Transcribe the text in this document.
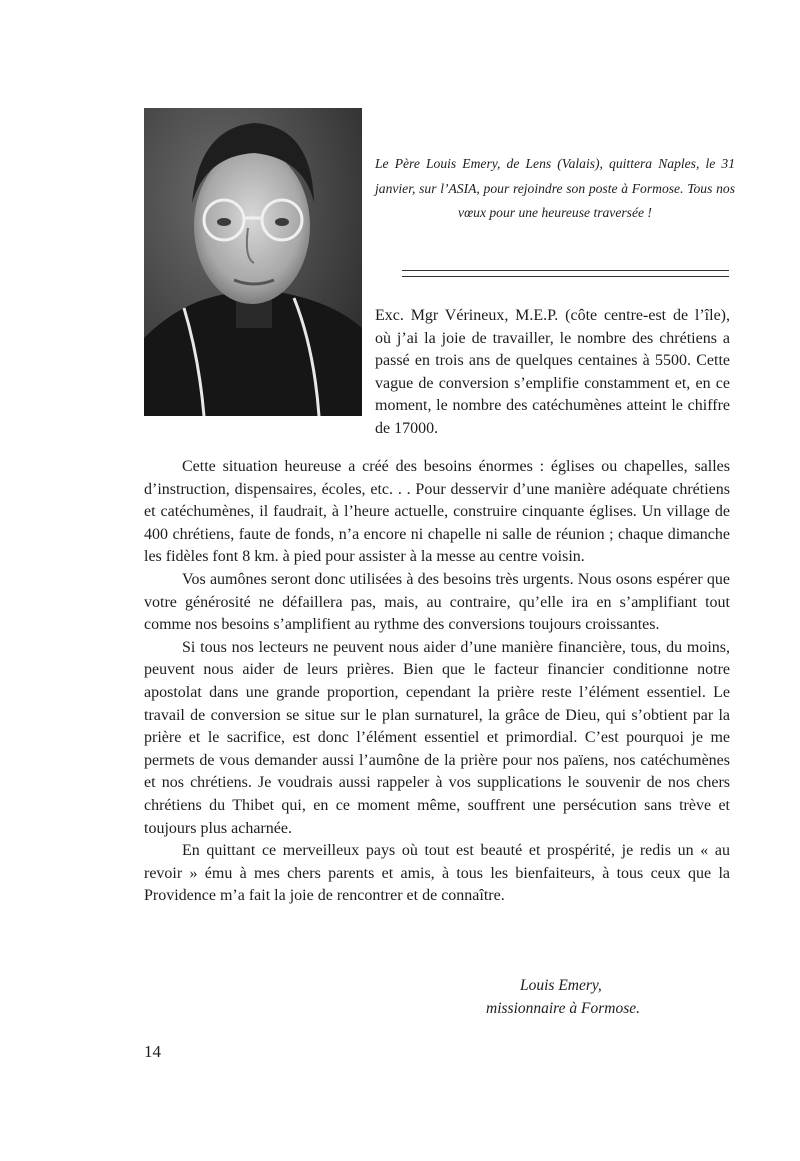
Le Père Louis Emery, de Lens (Valais), quittera Naples, le 31 janvier, sur l’ASIA, pour rejoindre son poste à Formose. Tous nos vœux pour une heureuse traversée !

Exc. Mgr Vérineux, M.E.P. (côte centre-est de l’île), où j’ai la joie de travailler, le nombre des chrétiens a passé en trois ans de quelques centaines à 5500. Cette vague de conversion s’emplifie constamment et, en ce moment, le nombre des catéchumènes atteint le chiffre de 17000.

Cette situation heureuse a créé des besoins énormes : églises ou chapelles, salles d’instruction, dispensaires, écoles, etc. . . Pour desservir d’une manière adéquate chrétiens et catéchumènes, il faudrait, à l’heure actuelle, construire cinquante églises. Un village de 400 chrétiens, faute de fonds, n’a encore ni chapelle ni salle de réunion ; chaque dimanche les fidèles font 8 km. à pied pour assister à la messe au centre voisin.

Vos aumônes seront donc utilisées à des besoins très urgents. Nous osons espérer que votre générosité ne défaillera pas, mais, au contraire, qu’elle ira en s’amplifiant tout comme nos besoins s’amplifient au rythme des conversions toujours croissantes.

Si tous nos lecteurs ne peuvent nous aider d’une manière financière, tous, du moins, peuvent nous aider de leurs prières. Bien que le facteur financier conditionne notre apostolat dans une grande proportion, cependant la prière reste l’élément essentiel. Le travail de conversion se situe sur le plan surnaturel, la grâce de Dieu, qui s’obtient par la prière et le sacrifice, est donc l’élément essentiel et primordial. C’est pourquoi je me permets de vous demander aussi l’aumône de la prière pour nos païens, nos catéchumènes et nos chrétiens. Je voudrais aussi rappeler à vos supplications le souvenir de nos chers chrétiens du Thibet qui, en ce moment même, souffrent une persécution sans trève et toujours plus acharnée.

En quittant ce merveilleux pays où tout est beauté et prospérité, je redis un « au revoir » ému à mes chers parents et amis, à tous les bienfaiteurs, à tous ceux que la Providence m’a fait la joie de rencontrer et de connaître.

Louis Emery,
missionnaire à Formose.
14
